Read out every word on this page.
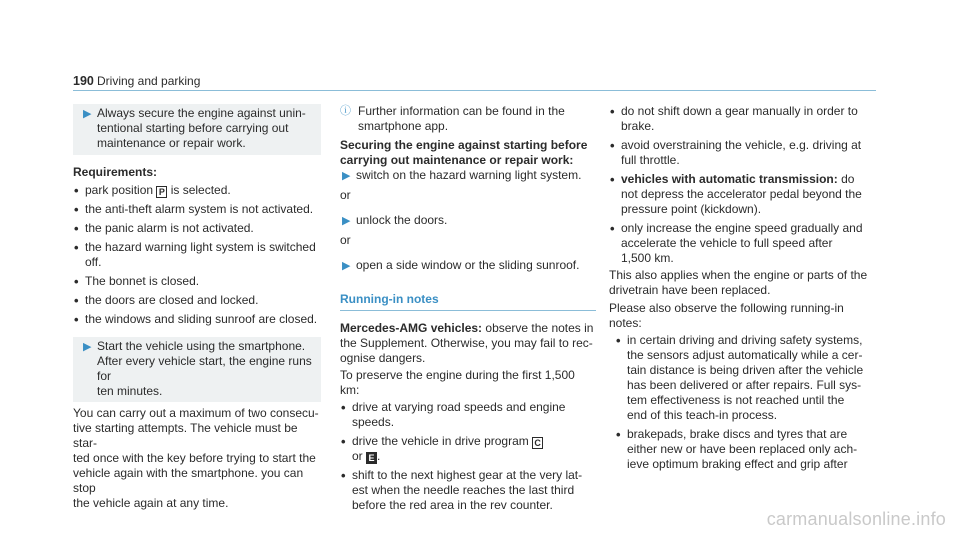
190 Driving and parking
▶ Always secure the engine against unin-

tentional starting before carrying out

maintenance or repair work.

Requirements:

• park position P is selected.
• the anti-theft alarm system is not activated.
• the panic alarm is not activated.
• the hazard warning light system is switched

off.

• The bonnet is closed.
• the doors are closed and locked.
• the windows and sliding sunroof are closed.
▶ Start the vehicle using the smartphone.

After every vehicle start, the engine runs for

ten minutes.

You can carry out a maximum of two consecu-

tive starting attempts. The vehicle must be star-

ted once with the key before trying to start the

vehicle again with the smartphone. you can stop

the vehicle again at any time.

ⓘ Further information can be found in the

smartphone app.

Securing the engine against starting before

carrying out maintenance or repair work:

▶ switch on the hazard warning light system.

or

▶ unlock the doors.

or

▶ open a side window or the sliding sunroof.

Running-in notes

Mercedes-AMG vehicles: observe the notes in

the Supplement. Otherwise, you may fail to rec-

ognise dangers.

To preserve the engine during the first 1,500 km:

• drive at varying road speeds and engine

speeds.

• drive the vehicle in drive program C

or E .

• shift to the next highest gear at the very lat-

est when the needle reaches the last third

before the red area in the rev counter.

• do not shift down a gear manually in order to

brake.

• avoid overstraining the vehicle, e.g. driving at

full throttle.

• vehicles with automatic transmission: do

not depress the accelerator pedal beyond the

pressure point (kickdown).

• only increase the engine speed gradually and

accelerate the vehicle to full speed after

1,500 km.

This also applies when the engine or parts of the

drivetrain have been replaced.

Please also observe the following running-in

notes:

• in certain driving and driving safety systems,

the sensors adjust automatically while a cer-

tain distance is being driven after the vehicle

has been delivered or after repairs. Full sys-

tem effectiveness is not reached until the

end of this teach-in process.

• brakepads, brake discs and tyres that are

either new or have been replaced only ach-

ieve optimum braking effect and grip after

carmanualsonline.info
